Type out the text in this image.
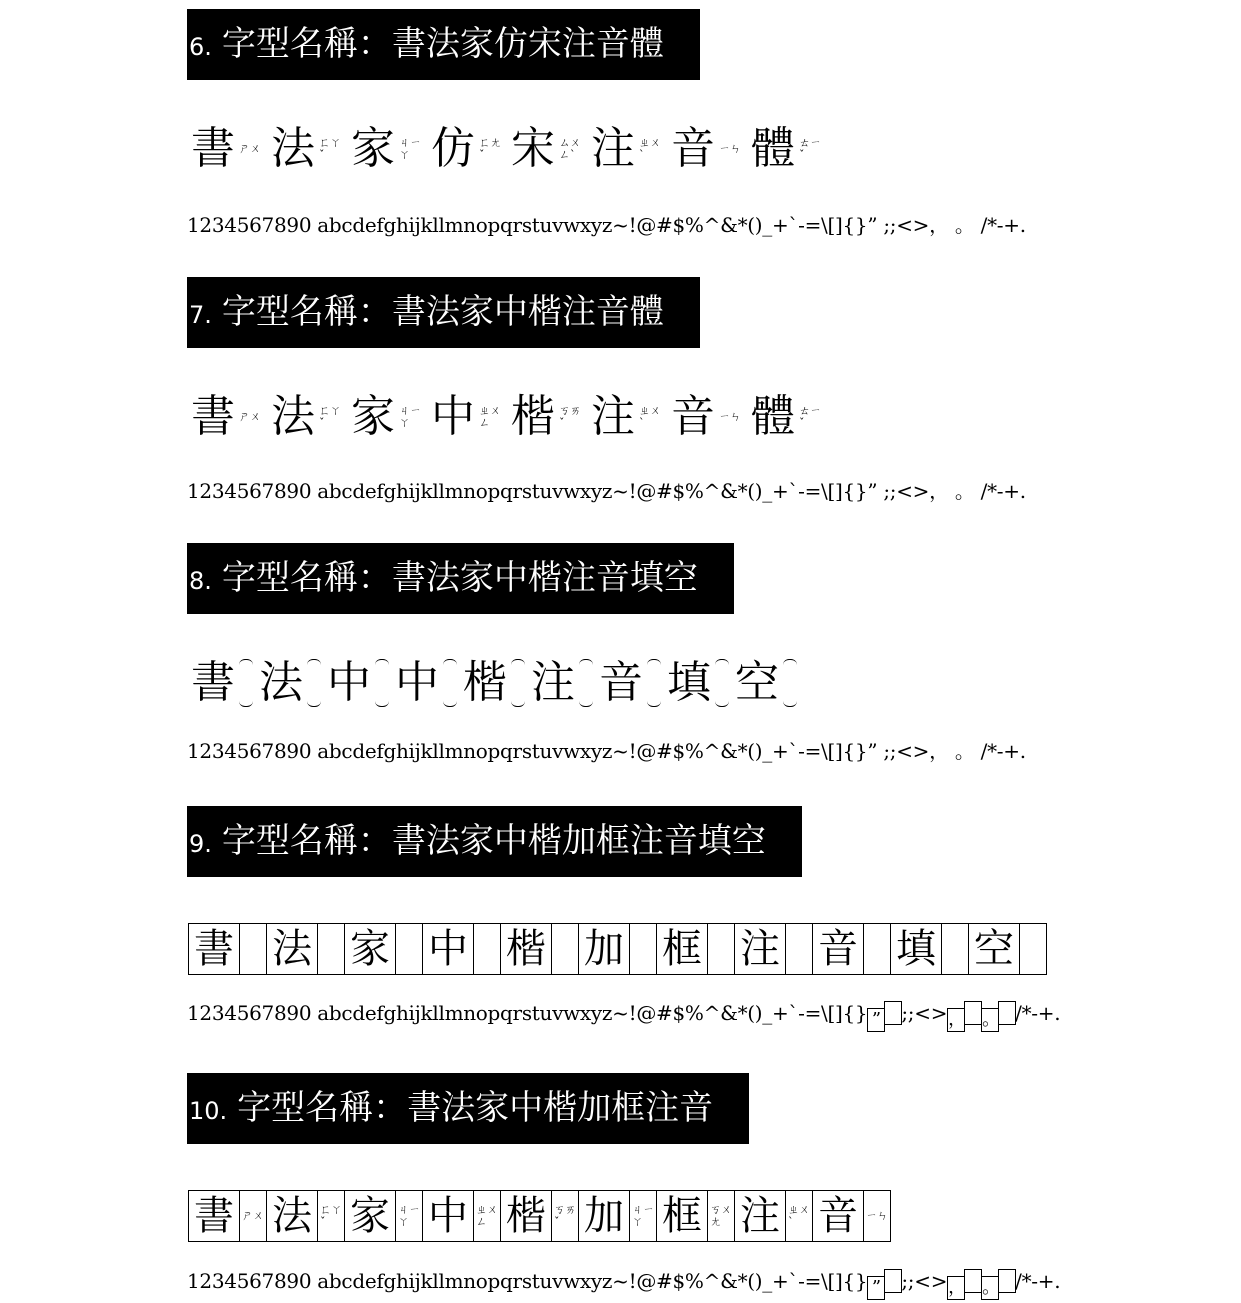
6. 字型名稱：書法家仿宋注音體
書 ㄕㄨ 法 ㄈㄚˇ 家 ㄐㄧㄚ 仿 ㄈㄤˇ 宋 ㄙㄨㄥˋ 注 ㄓㄨˋ 音 ㄧㄣ 體 ㄊㄧˇ
1234567890 abcdefghijkllmnopqrstuvwxyz~!@#$%^&*()_+`-=\[]{}” ;;<>， 。 /*-+.
7. 字型名稱：書法家中楷注音體
書 ㄕㄨ 法 ㄈㄚˇ 家 ㄐㄧㄚ 中 ㄓㄨㄥ 楷 ㄎㄞˇ 注 ㄓㄨˋ 音 ㄧㄣ 體 ㄊㄧˇ
1234567890 abcdefghijkllmnopqrstuvwxyz~!@#$%^&*()_+`-=\[]{}” ;;<>， 。 /*-+.
8. 字型名稱：書法家中楷注音填空
書 法 中 中 楷 注 音 填 空
1234567890 abcdefghijkllmnopqrstuvwxyz~!@#$%^&*()_+`-=\[]{}” ;;<>， 。 /*-+.
9. 字型名稱：書法家中楷加框注音填空
書 法 家 中 楷 加 框 注 音 填 空
1234567890 abcdefghijkllmnopqrstuvwxyz~!@#$%^&*()_+`-=\[]{} ” ;;<>， 。 /*-+.
10. 字型名稱：書法家中楷加框注音
書 ㄕㄨ 法 ㄈㄚˇ 家 ㄐㄧㄚ 中 ㄓㄨㄥ 楷 ㄎㄞˇ 加 ㄐㄧㄚ 框 ㄎㄨㄤ 注 ㄓㄨˋ 音 ㄧㄣ
1234567890 abcdefghijkllmnopqrstuvwxyz~!@#$%^&*()_+`-=\[]{} ” ;;<>， 。 /*-+.
